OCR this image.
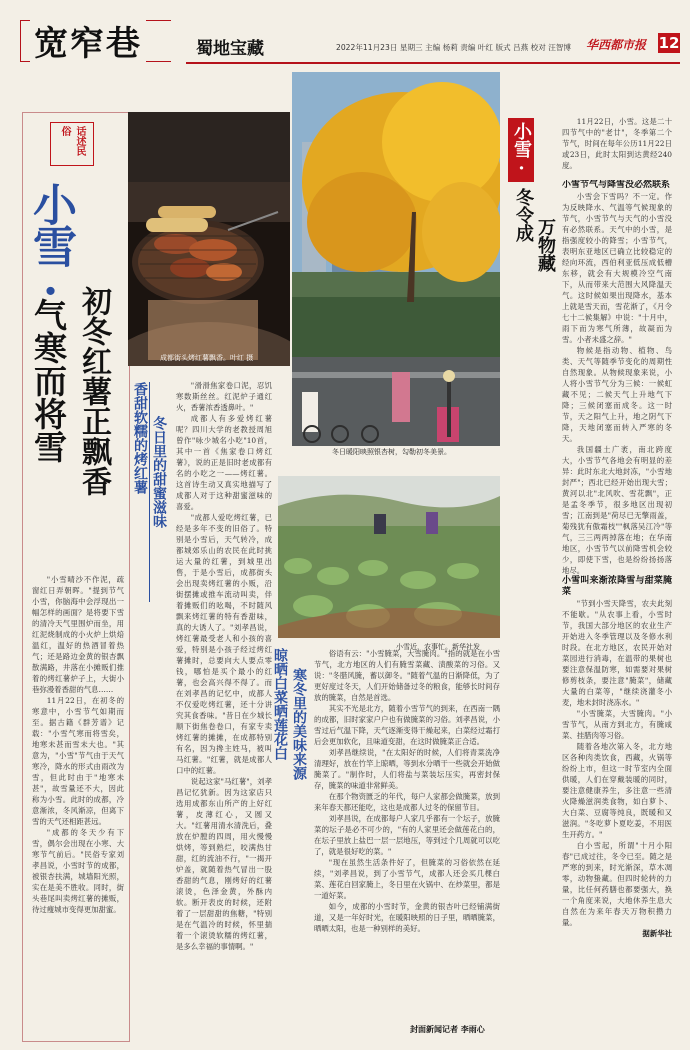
宽窄巷	蜀地宝藏	2022年11月23日 星期三 主编 杨莉 责编 叶红 版式 吕燕 校对 汪智博 华西都市报 12
话述民俗
小雪·
气寒而将雪 初冬红薯正飘香

"小雪晴沙不作泥，疏窗红日弄朝晖。"提到节气小雪，你脑海中会浮现出一幅怎样的画面？是将要下雪的清冷天气里围炉而坐，用红泥烧制成的小火炉上烘焙温红，温好的热酒冒着热气；还是路边金黄的银杏飘散满路，井落在小摊贩们推着的烤红薯炉子上，大街小巷弥漫着香甜的气息……

11月22日，在初冬的寒意中，小雪节气如期而至。据古籍《群芳谱》记载："小雪气寒而将雪矣，地寒未甚而雪未大也。"其意为，"小雪"节气由于天气寒冷，降水的形式由雨改为雪，但此时由于"地寒未甚"，故雪量还不大，因此称为小雪。此时的成都，冷意渐浓，冬风渐凉，但离下雪的天气还相距甚远。

"成都的冬天少有下雪，偶尔会出现在小寒、大寒节气前后。"民俗专家刘孝昌说，小雪时节的成都，被银杏扶满，城墙阳光照，实在是美不胜收。同时，街头巷尾叫卖烤红薯的摊贩，待过瘦城市变得更加甜蜜。

成都街头烤红薯飘香。叶红 摄
冬日暖阳映照银杏树，勾勒初冬美景。
小雪近，农事忙。新华社发
香甜软糯的烤红薯 冬日里的甜蜜滋味

"滑滑焦家卷口泥，忍饥寒数斯丝丝。红泥炉子通红火，香薯浓香透鼻叶。"

成都人有多爱烤红薯呢？四川大学的老教授周旭曾作"咏少城名小吃"10首，其中一首《焦家卷口烤红薯》，说的正是旧时老成都有名的小吃之一——烤红薯。这首诗生动又真实地描写了成都人对于这种甜蜜滋味的喜爱。

"成都人爱吃烤红薯，已经是多年不变的旧俗了。特别是小雪后，天气转冷，成都城郊乐山的农民在此时挑运大量的红薯，到城里出售，于是小雪后，成都街头会出现卖烤红薯的小贩，沿街摆摊或推车流动叫卖，伴着摊贩们的吆喝，不时随风飘来烤红薯的特有香甜味，真的大诱人了。"刘孝昌说，烤红薯最受老人和小孩的喜爱，特别是小孩子经过烤红薯摊时，总要向大人要点零钱，哪怕是买个最小的红薯，也会高兴得不得了。而在刘孝昌的记忆中，成都人不仅爱吃烤红薯，还十分讲究其食香味。"昔日在少城长顺下街焦卷卷口，有家专卖烤红薯的摊摊，在成都特别有名，因为搀主姓马，被叫马红薯。"红薯，就是成都人口中的红薯。

说起这家"马红薯"，刘孝昌记忆犹新。因为这家店只选用成都东山所产的上好红薯，皮薄红心，又圆又大。"红薯用清水清洗后，叠放在炉膛的四周，用火慢慢烘烤，等到熟烂，咬满热甘甜，红的流油不行，"一揭开炉盖，就随着热气冒出一股香甜的气息，刚烤好的红薯滚烫，色泽金黄，外酥内软。断开表皮的时候，还附着了一层甜甜的焦糖，"特别是在气温冷的时候，怀里揣着一个滚烫软糯的烤红薯，是多么幸福的事情啊。"

晾晒白菜晒莲花白 寒冬里的美味来源

俗语有云："小雪腌菜，大雪腌肉。"指的就是在小雪节气，北方地区的人们有腌雪菜藏、渍酸菜的习俗。又说："冬腊风腌，蓄以御冬。"随着气温的日渐降低，为了更好度过冬天，人们开始储备过冬的粮食，能够长时间存放的腌菜，自然是首选。

其实不光是北方，随着小雪节气的到来，在西南一隅的成都，旧时家家户户也有做腌菜的习俗。刘孝昌说，小雪过后气温下降，天气逐渐变得干燥起来，白菜经过霜打后会更加软化，且味道变甜，在这时做腌菜正合适。

刘孝昌继续说，"在太阳好的时候，人们将青菜洗净清理好，放在竹竿上晾晒，等到水分晒干一些就会开始做腌菜了。"制作时，人们将盐与菜装坛压实，再密封保存，腌菜的味道非常鲜美。

在那个物资匮乏的年代，每户人家都会做腌菜，放到来年春天都还能吃，这也是成都人过冬的保留节目。

刘孝昌说，在成都每户人家几乎都有一个坛子，放腌菜的坛子是必不可少的，"有的人家里还会做莲花白的，在坛子里放上盐巴一层一层地压，等到过个几周就可以吃了，就是很好吃的菜。"

"现在虽然生活条件好了，但腌菜的习俗依然在延续，"刘孝昌说，到了小雪节气，成都人还会买几棵白菜、莲花白回家腌上，冬日里在火锅中、在炒菜里，都是一道好菜。

如今，成都的小雪时节，金黄的银杏叶已经铺满街道，又是一年好时光，在暖阳映照的日子里，晒晒腌菜，晒晒太阳，也是一种别样的美好。

封面新闻记者 李雨心
小雪·
冬令成
万物藏

11月22日，小雪。这是二十四节气中的"老廿"，冬季第二个节气，时间在每年公历11月22日或23日，此时太阳到达黄经240度。

小雪节气与降雪没必然联系

小雪会下雪吗？不一定。作为反映降水、气温等气候现象的节气，小雪节气与天气的小雪没有必然联系。天气中的小雪，是指强度较小的降雪；小雪节气，表明东亚地区已确立比较稳定的经向环流，西伯利亚低压成低槽东移，就会有大规模冷空气南下，从而带来大范围大风降温天气。这时候如果出现降水，基本上就是雪天而，雪花渐了，《月令七十二候集解》中说："十月中，雨下而为寒气所薄，故凝而为雪。小者未盛之辞。"

物候是指动物、植物、鸟类、天气等随季节变化的周期性自然现象。从物候现象来说，小人将小雪节气分为三候：一候虹藏不见；二候天气上升地气下降；三候闭塞而成冬。这一时节，天之阳气上升，地之阴气下降，天地闭塞而转入严寒的冬天。

我国疆土广袤，南北跨度大，小雪节气各地会有明显的差异：此时东北大地封冻，"小雪地封严"；西北已经开始出现大雪；黄河以北"北风吹、雪花飘"，正是孟冬季节，很多地区出现初雪；江南到是"荷尽已无擎雨盖，菊残犹有傲霜枝""枫落吴江冷"等气，三三两两掉落在地；在华南地区，小雪节气以前降雪机会较少，即使下雪，也是纷纷扬扬落地尽。

小雪叫来渐浓降雪与甜菜腌菜

"节到小雪天降雪，农夫此刻不能歇。"从农事上看，小雪时节，我国大部分地区的农业生产开始进入冬季管理以及冬修水利时段。在北方地区，农民开始对菜园进行消毒，在温带的果树也要注意保温防寒，如需要对果树修剪枝条，要注意"腌菜"，储藏大量的白菜等，"继续浇灌冬小麦，地未封时浇冻水。"

"小雪腌菜，大雪腌肉。"小雪节气，从南方到北方，有腌咸菜、挂腊肉等习俗。

随着各地次第入冬，北方地区各种肉类饮食，西藏，火锅等纷纷上市，但这一时节室内全面供暖，人们在穿戴装暖的同时，要注意健康养生，多注意一些清火降燥滋润类食物，如白萝卜、大白菜、豆腐等纯良，既暖和又滋润。"冬吃萝卜夏吃姜，不用医生开药方。"

白小雪起，所谓"十月小阳春"已成过往，冬令已至。随之是严寒的到来，时光渐深，草木凋零，动物蛰藏。但四时轮转的力量，比任何药膳也都要强大，换一个角度来说，大地休养生息大自然在为来年春天万物积攒力量。

据新华社
